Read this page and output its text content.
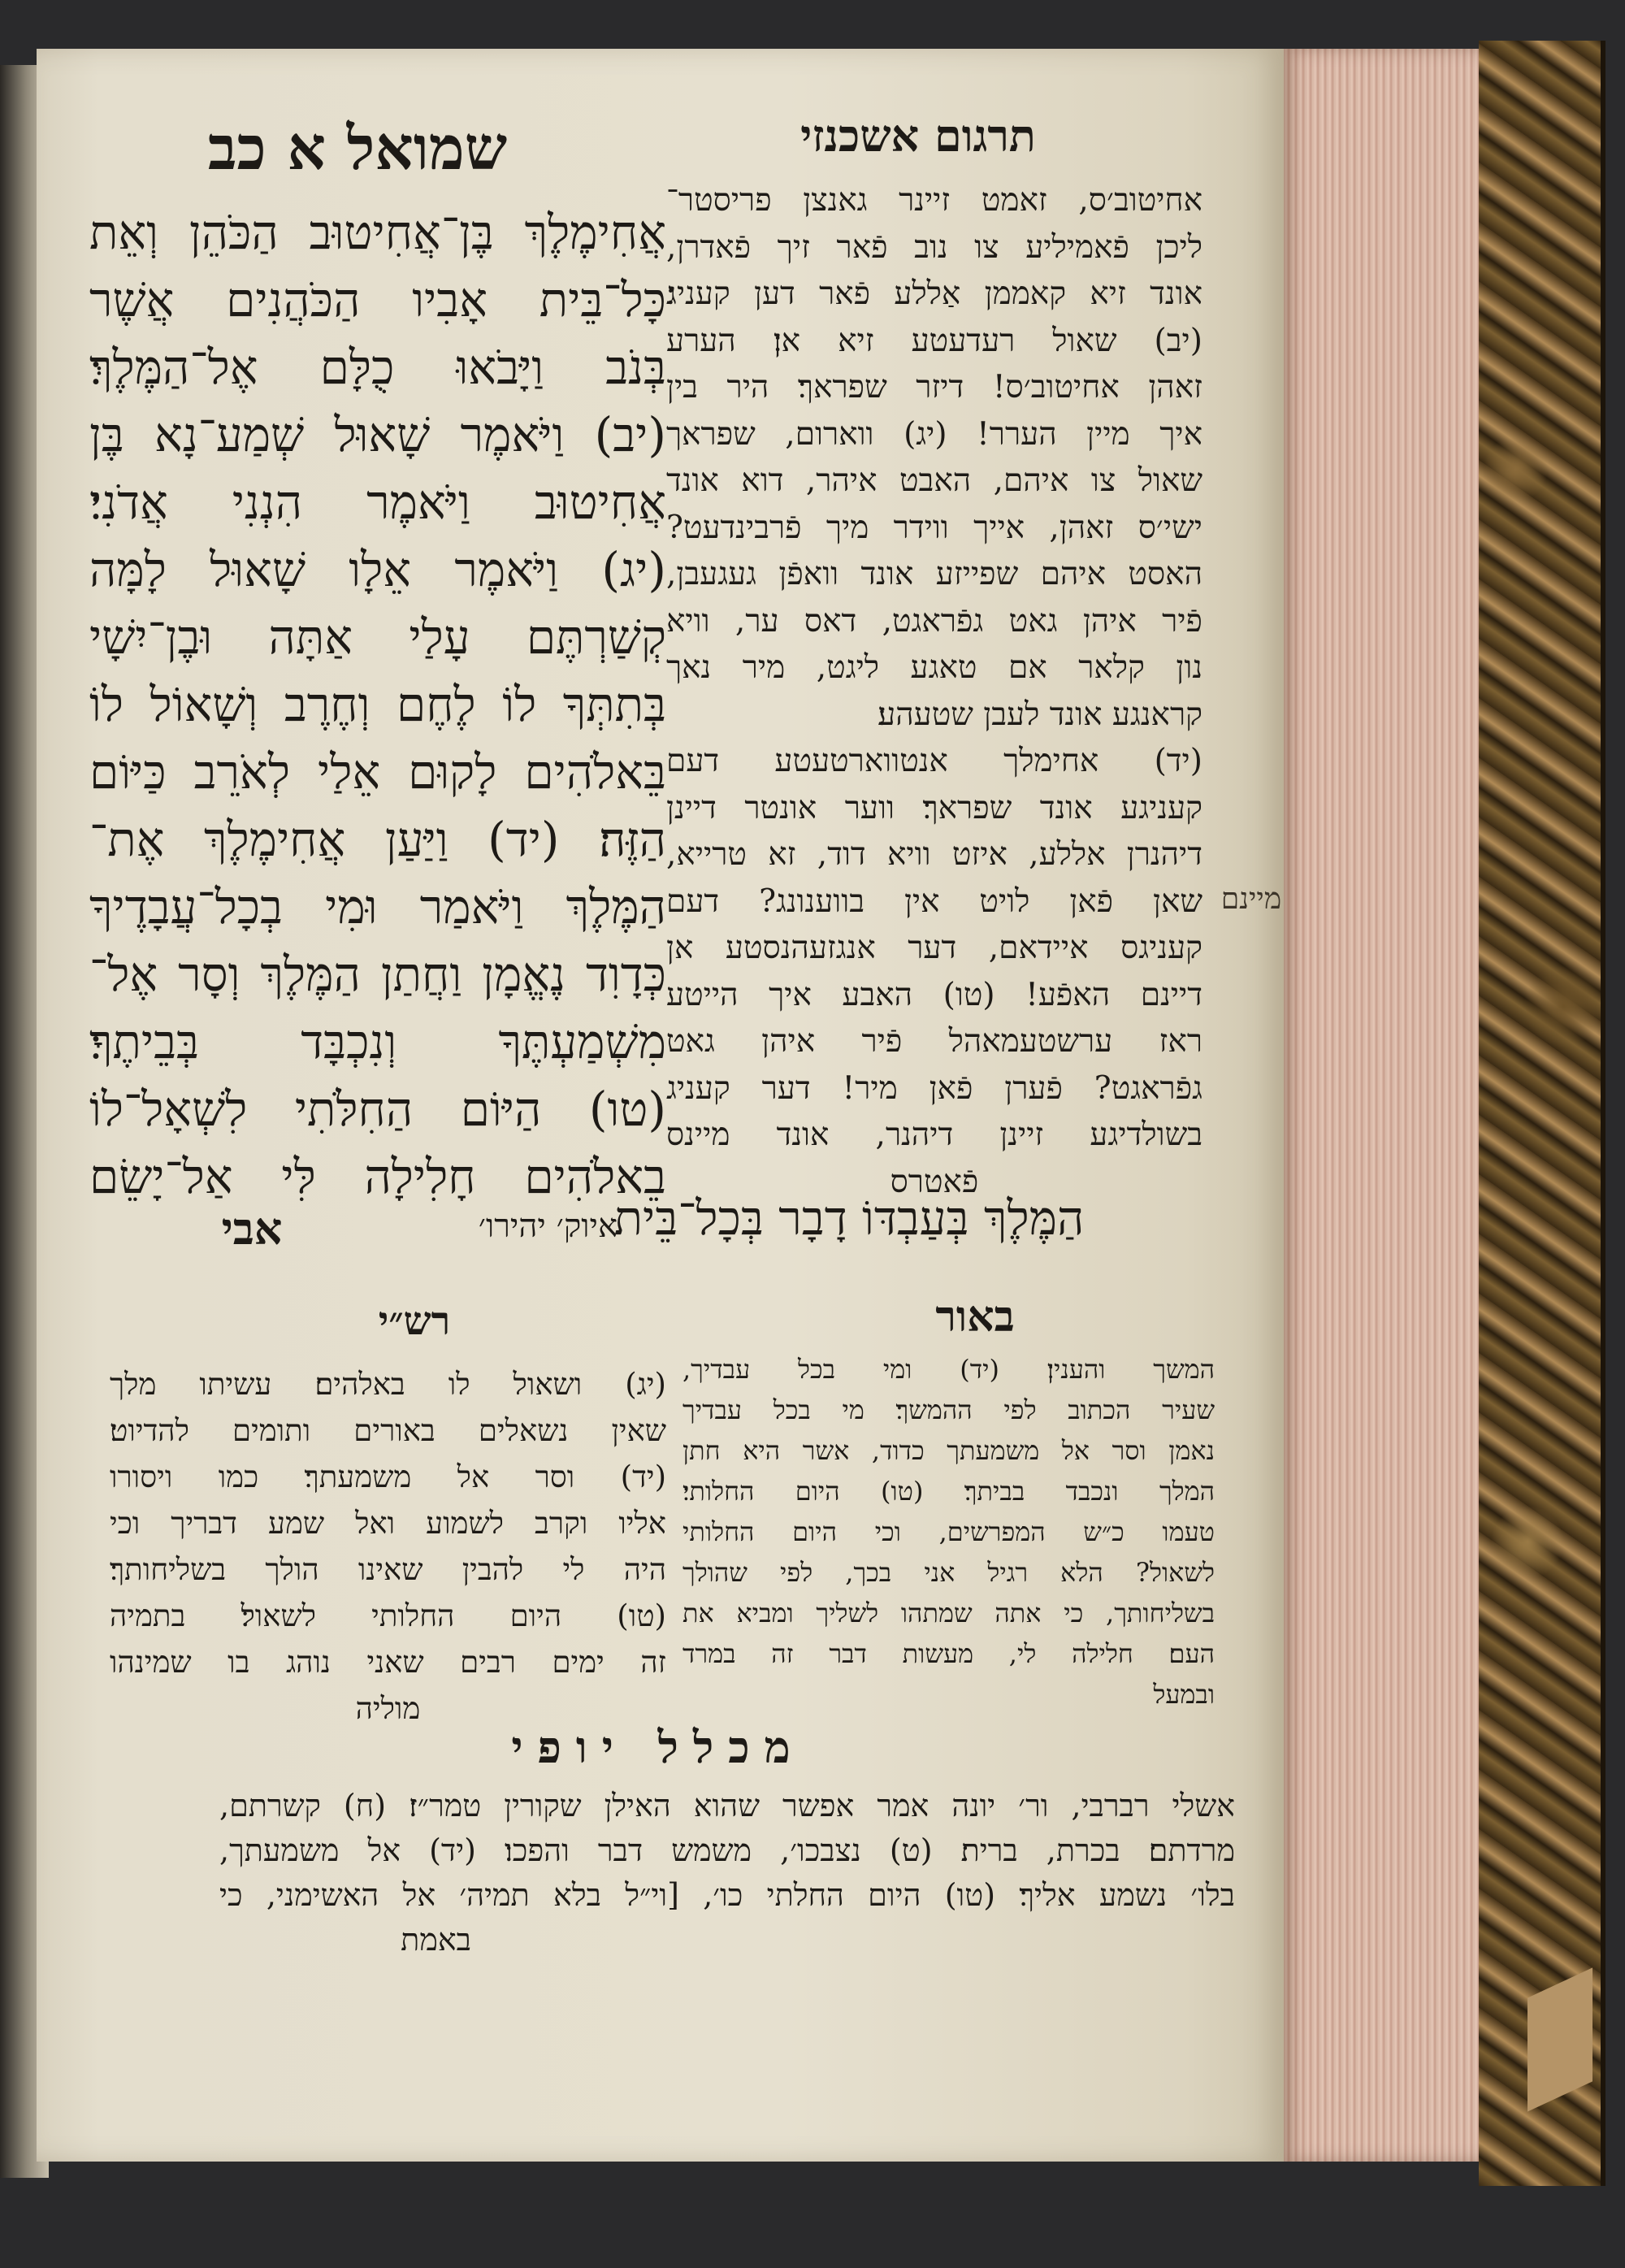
שמואל א כב	תרגום אשכנזי
אֲחִימֶלֶךְ בֶּן־אֲחִיטוּב הַכֹּהֵן וְאֵת
כָּל־בֵּית אָבִיו הַכֹּהֲנִים אֲשֶׁר
בְּנֹב וַיָּבֹאוּ כֻלָּם אֶל־הַמֶּלֶךְ׃
(יב) וַיֹּאמֶר שָׁאוּל שְׁמַע־נָא בֶּן
אֲחִיטוּב וַיֹּאמֶר הִנְנִי אֲדֹנִי׃
(יג) וַיֹּאמֶר אֵלָו שָׁאוּל לָמָּה
קְשַׁרְתֶּם עָלַי אַתָּה וּבֶן־יִשָׁי
בְּתִתְּךָ לוֹ לֶחֶם וְחֶרֶב וְשָׁאוֹל לוֹ
בֵּאלֹהִים לָקוּם אֵלַי לְאֹרֵב כַּיּוֹם
הַזֶּה׃ (יד) וַיַּעַן אֲחִימֶלֶךְ אֶת־
הַמֶּלֶךְ וַיֹּאמַר וּמִי בְכָל־עֲבָדֶיךָ
כְּדָוִד נֶאֱמָן וַחֲתַן הַמֶּלֶךְ וְסָר אֶל־
מִשְׁמַעְתֶּךָ וְנִכְבָּד בְּבֵיתֶךָ׃
(טו) הַיּוֹם הַחִלֹּתִי לִשְׁאָל־לוֹ
בֵאלֹהִים חָלִילָה לִּי אַל־יָשֵׂם
אחיטוב׳ס, זאמט זיינר גאנצן פריסטר־
ליכן פֿאמיליע צו נוב פֿאר זיך פֿאדרן,
אונד זיא קאממן אַללע פֿאר דען קעניג׃
(יב) שאול רעדעטע זיא אן׃ הערע
זאהן אחיטוב׳ס! דיזר שפראך׃ היר בין
איך מיין הערר! (יג) ווארום, שפראך
שאול צו איהם, האבט איהר, דוא אונד
ישי׳ס זאהן, אייך ווידר מיך פֿרבינדעט?
האסט איהם שפייזע אונד וואפֿן געגעבן,
פֿיר איהן גאט גפֿראגט, דאס ער, וויא
נון קלאר אם טאגע ליגט, מיר נאך
קראנגע אונד לעבן שטעהע׃
(יד) אחימלך אנטווארטעטע דעם
קעניגע אונד שפראך׃ ווער אונטר דיינן
דיהנרן אללע, איזט וויא דוד, זא טרייא,
שאן פֿאן לויט אין בווענונג? דעם
קעניגס איידאם, דער אנגזעהנסטע אן
דיינם האפֿע! (טו) האבע איך הייטע
ראז ערשטעמאהל פֿיר איהן גאט
גפֿראגט? פֿערן פֿאן מיר! דער קעניג
בשולדיגע זיינן דיהנר, אונד מיינס
פֿאטרס
מיינם
הַמֶּלֶךְ בְּעַבְדּוֹ דָבָר בְּכָל־בֵּית
איוק׳ יהירו׳
אבי
רש״י	באור
(יג) ושאול לו באלהים׃ עשיתו מלך
שאין נשאלים באורים ותומים להדיוט׃
(יד) וסר אל משמעתך׃ כמו ויסורו
אליו וקרב לשמוע ואל שמע דבריך וכי
היה לי להבין שאינו הולך בשליחותך׃
(טו) היום החלותי לשאול׃ בתמיה
זה ימים רבים שאני נוהג בו שמינהו
מוליה
המשך והענין׃ (יד) ומי בכל עבדיך,
שעיר הכתוב לפי ההמשך׃ מי בכל עבדיך
נאמן וסר אל משמעתך כדוד, אשר היא חתן
המלך ונכבד בביתך׃ (טו) היום החלותי׃
טעמו כ״ש המפרשים, וכי היום החלותי
לשאול? הלא רגיל אני בכך, לפי שהולך
בשליחותך, כי אתה שמתהו לשליך ומביא את
העם׃ חלילה לי, מעשות דבר זה במרד
ובמעל
מכלל יופי
אשלי רברבי, ור׳ יונה אמר אפשר שהוא האילן שקורין טמר״ז׃ (ח) קשרתם,
מרדתם׃ בכרת, ברית׃ (ט) נצבכו׳, משמש דבר והפכו׃ (יד) אל משמעתך,
בלו׳ נשמע אליך׃ (טו) היום החלתי כו׳, [וי״ל בלא תמיה׳ אל האשימני, כי
באמת
